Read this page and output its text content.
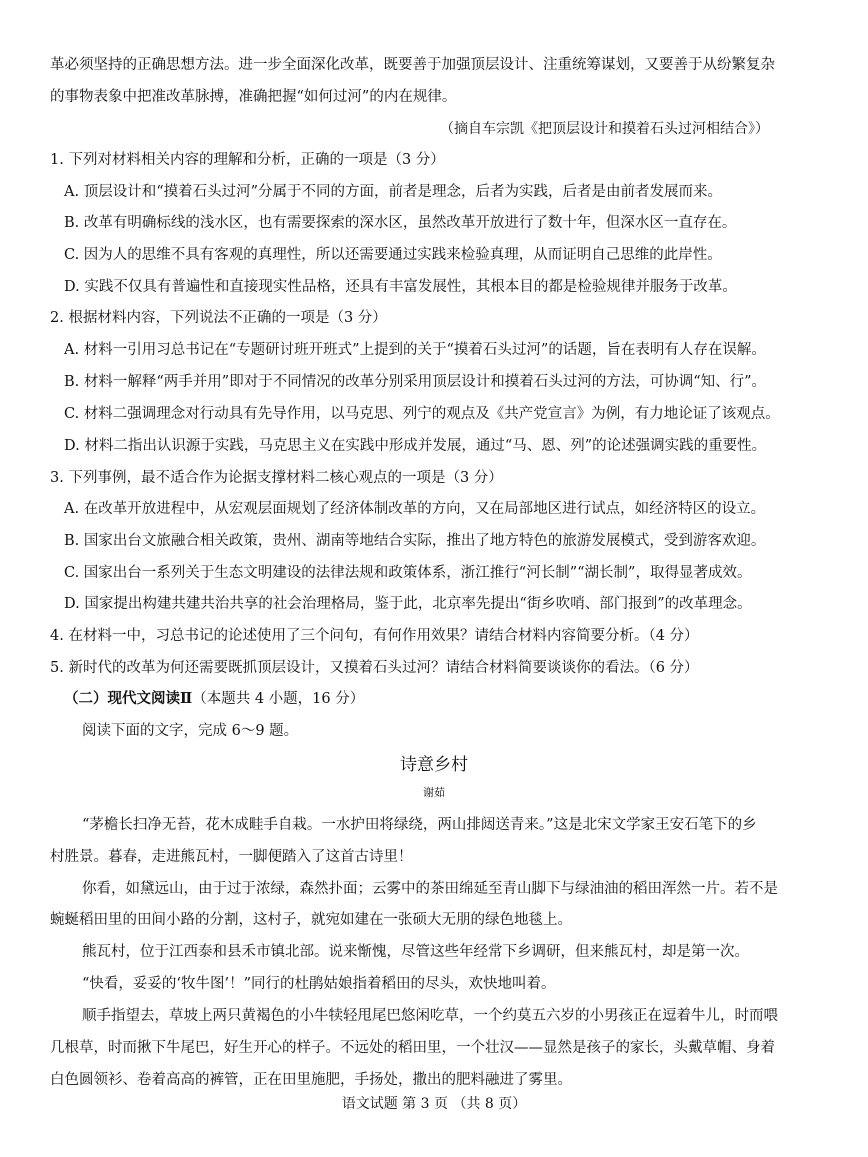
革必须坚持的正确思想方法。进一步全面深化改革，既要善于加强顶层设计、注重统筹谋划，又要善于从纷繁复杂
的事物表象中把准改革脉搏，准确把握“如何过河”的内在规律。
（摘自车宗凯《把顶层设计和摸着石头过河相结合》）
1. 下列对材料相关内容的理解和分析，正确的一项是（3 分）
A. 顶层设计和“摸着石头过河”分属于不同的方面，前者是理念，后者为实践，后者是由前者发展而来。
B. 改革有明确标线的浅水区，也有需要探索的深水区，虽然改革开放进行了数十年，但深水区一直存在。
C. 因为人的思维不具有客观的真理性，所以还需要通过实践来检验真理，从而证明自己思维的此岸性。
D. 实践不仅具有普遍性和直接现实性品格，还具有丰富发展性，其根本目的都是检验规律并服务于改革。
2. 根据材料内容，下列说法不正确的一项是（3 分）
A. 材料一引用习总书记在“专题研讨班开班式”上提到的关于“摸着石头过河”的话题，旨在表明有人存在误解。
B. 材料一解释“两手并用”即对于不同情况的改革分别采用顶层设计和摸着石头过河的方法，可协调“知、行”。
C. 材料二强调理念对行动具有先导作用，以马克思、列宁的观点及《共产党宣言》为例，有力地论证了该观点。
D. 材料二指出认识源于实践，马克思主义在实践中形成并发展，通过“马、恩、列”的论述强调实践的重要性。
3. 下列事例，最不适合作为论据支撑材料二核心观点的一项是（3 分）
A. 在改革开放进程中，从宏观层面规划了经济体制改革的方向，又在局部地区进行试点，如经济特区的设立。
B. 国家出台文旅融合相关政策，贵州、湖南等地结合实际，推出了地方特色的旅游发展模式，受到游客欢迎。
C. 国家出台一系列关于生态文明建设的法律法规和政策体系，浙江推行“河长制”“湖长制”，取得显著成效。
D. 国家提出构建共建共治共享的社会治理格局，鉴于此，北京率先提出“街乡吹哨、部门报到”的改革理念。
4. 在材料一中，习总书记的论述使用了三个问句，有何作用效果？请结合材料内容简要分析。（4 分）
5. 新时代的改革为何还需要既抓顶层设计，又摸着石头过河？请结合材料简要谈谈你的看法。（6 分）
（二）现代文阅读Ⅱ（本题共 4 小题，16 分）
阅读下面的文字，完成 6～9 题。
诗意乡村
谢茹
“茅檐长扫净无苔，花木成畦手自栽。一水护田将绿绕，两山排闼送青来。”这是北宋文学家王安石笔下的乡
村胜景。暮春，走进熊瓦村，一脚便踏入了这首古诗里！
你看，如黛远山，由于过于浓绿，森然扑面；云雾中的茶田绵延至青山脚下与绿油油的稻田浑然一片。若不是
蜿蜒稻田里的田间小路的分割，这村子，就宛如建在一张硕大无朋的绿色地毯上。
熊瓦村，位于江西泰和县禾市镇北部。说来惭愧，尽管这些年经常下乡调研，但来熊瓦村，却是第一次。
“快看，妥妥的‘牧牛图’！”同行的杜鹃姑娘指着稻田的尽头，欢快地叫着。
顺手指望去，草坡上两只黄褐色的小牛犊轻甩尾巴悠闲吃草，一个约莫五六岁的小男孩正在逗着牛儿，时而喂
几根草，时而揪下牛尾巴，好生开心的样子。不远处的稻田里，一个壮汉——显然是孩子的家长，头戴草帽、身着
白色圆领衫、卷着高高的裤管，正在田里施肥，手扬处，撒出的肥料融进了雾里。
语文试题 第 3 页 （共 8 页）
